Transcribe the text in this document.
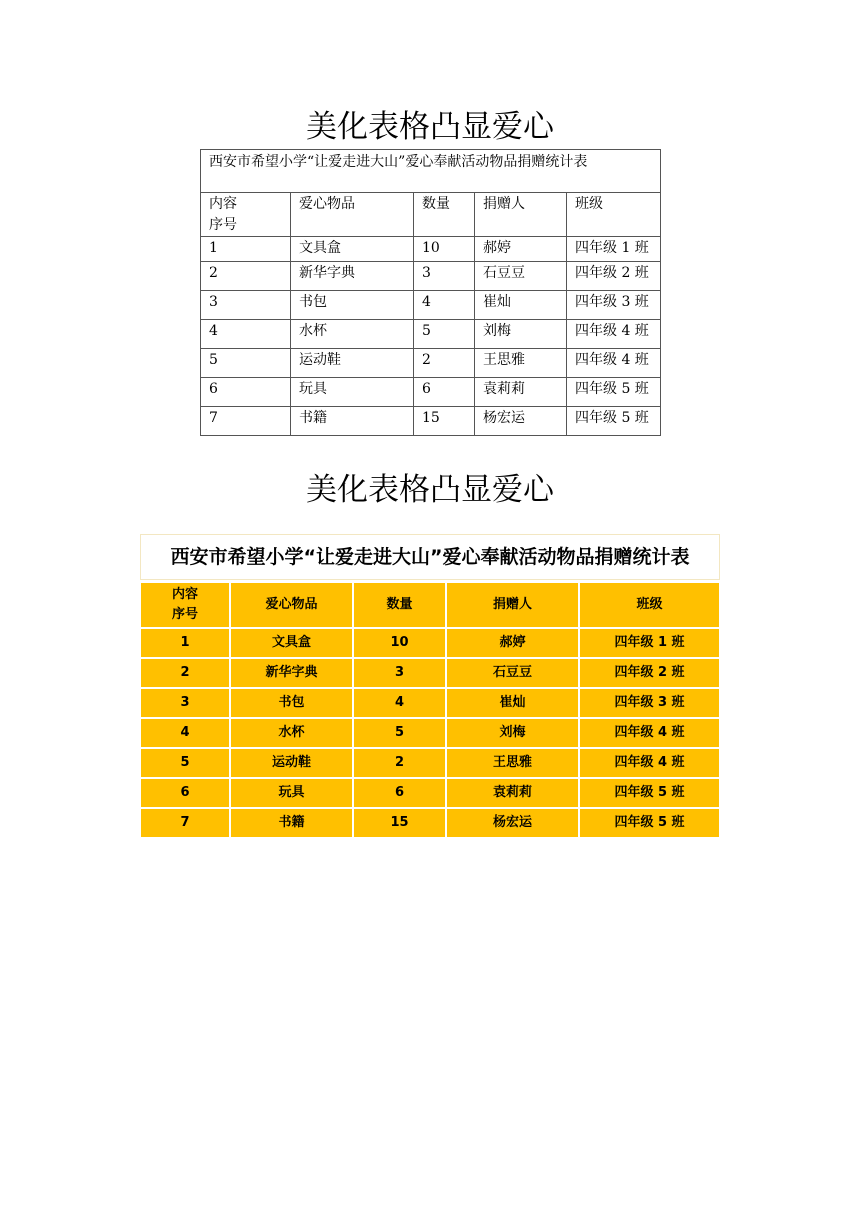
美化表格凸显爱心
西安市希望小学“让爱走进大山”爱心奉献活动物品捐赠统计表				
内容
序号	爱心物品	数量	捐赠人	班级
1	文具盒	10	郝婷	四年级 1 班
2	新华字典	3	石豆豆	四年级 2 班
3	书包	4	崔灿	四年级 3 班
4	水杯	5	刘梅	四年级 4 班
5	运动鞋	2	王思雅	四年级 4 班
6	玩具	6	袁莉莉	四年级 5 班
7	书籍	15	杨宏运	四年级 5 班
美化表格凸显爱心
西安市希望小学“让爱走进大山”爱心奉献活动物品捐赠统计表
内容
序号	爱心物品	数量	捐赠人	班级
1	文具盒	10	郝婷	四年级 1 班
2	新华字典	3	石豆豆	四年级 2 班
3	书包	4	崔灿	四年级 3 班
4	水杯	5	刘梅	四年级 4 班
5	运动鞋	2	王思雅	四年级 4 班
6	玩具	6	袁莉莉	四年级 5 班
7	书籍	15	杨宏运	四年级 5 班
